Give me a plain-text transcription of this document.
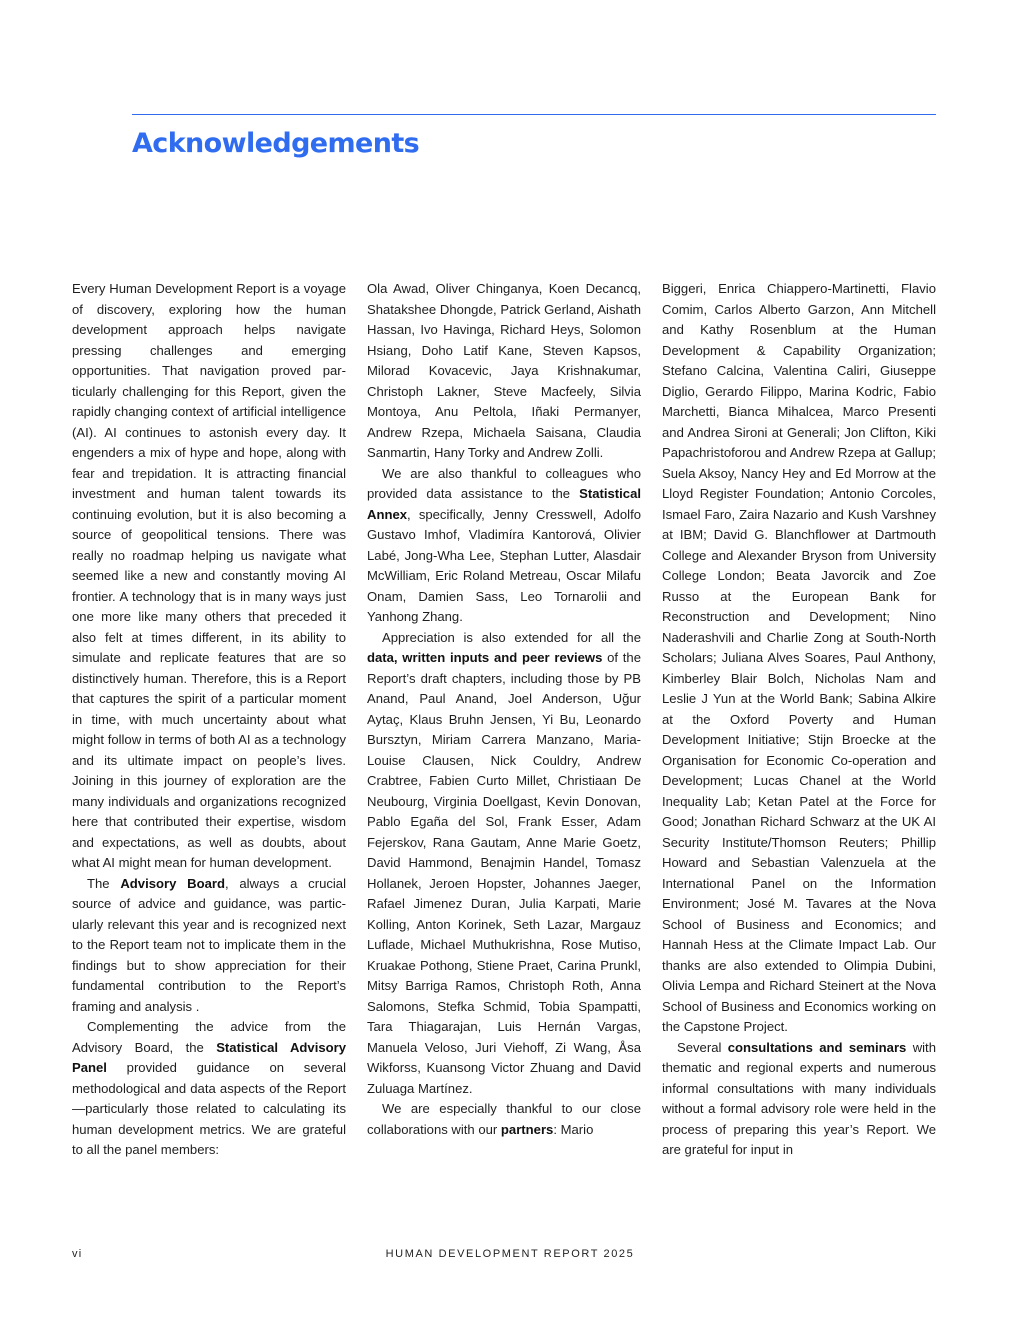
Acknowledgements

Every Human Development Report is a voyage of discovery, exploring how the human development approach helps navigate pressing challenges and emerging opportunities. That navigation proved particularly challenging for this Report, given the rapidly changing context of artificial intelligence (AI). AI continues to astonish every day. It engenders a mix of hype and hope, along with fear and trepidation. It is attracting financial investment and human talent towards its continuing evolution, but it is also becoming a source of geopolitical tensions. There was really no roadmap helping us navigate what seemed like a new and constantly moving AI frontier. A technology that is in many ways just one more like many others that preceded it also felt at times different, in its ability to simulate and replicate features that are so distinctively human. Therefore, this is a Report that captures the spirit of a particular moment in time, with much uncertainty about what might follow in terms of both AI as a technology and its ultimate impact on people’s lives. Joining in this journey of exploration are the many individuals and organizations recognized here that contributed their expertise, wisdom and expectations, as well as doubts, about what AI might mean for human development.

The Advisory Board, always a crucial source of advice and guidance, was particularly relevant this year and is recognized next to the Report team not to implicate them in the findings but to show appreciation for their fundamental contribution to the Report’s framing and analysis .

Complementing the advice from the Advisory Board, the Statistical Advisory Panel provided guidance on several methodological and data aspects of the Report—particularly those related to calculating its human development metrics. We are grateful to all the panel members:

Ola Awad, Oliver Chinganya, Koen Decancq, Shatakshee Dhongde, Patrick Gerland, Aishath Hassan, Ivo Havinga, Richard Heys, Solomon Hsiang, Doho Latif Kane, Steven Kapsos, Milorad Kovacevic, Jaya Krishnakumar, Christoph Lakner, Steve Macfeely, Silvia Montoya, Anu Peltola, Iñaki Permanyer, Andrew Rzepa, Michaela Saisana, Claudia Sanmartin, Hany Torky and Andrew Zolli.

We are also thankful to colleagues who provided data assistance to the Statistical Annex, specifically, Jenny Cresswell, Adolfo Gustavo Imhof, Vladimíra Kantorová, Olivier Labé, Jong-Wha Lee, Stephan Lutter, Alasdair McWilliam, Eric Roland Metreau, Oscar Milafu Onam, Damien Sass, Leo Tornarolii and Yanhong Zhang.

Appreciation is also extended for all the data, written inputs and peer reviews of the Report’s draft chapters, including those by PB Anand, Paul Anand, Joel Anderson, Uğur Aytaç, Klaus Bruhn Jensen, Yi Bu, Leonardo Bursztyn, Miriam Carrera Manzano, Maria-Louise Clausen, Nick Couldry, Andrew Crabtree, Fabien Curto Millet, Christiaan De Neubourg, Virginia Doellgast, Kevin Donovan, Pablo Egaña del Sol, Frank Esser, Adam Fejerskov, Rana Gautam, Anne Marie Goetz, David Hammond, Benajmin Handel, Tomasz Hollanek, Jeroen Hopster, Johannes Jaeger, Rafael Jimenez Duran, Julia Karpati, Marie Kolling, Anton Korinek, Seth Lazar, Margauz Luflade, Michael Muthukrishna, Rose Mutiso, Kruakae Pothong, Stiene Praet, Carina Prunkl, Mitsy Barriga Ramos, Christoph Roth, Anna Salomons, Stefka Schmid, Tobia Spampatti, Tara Thiagarajan, Luis Hernán Vargas, Manuela Veloso, Juri Viehoff, Zi Wang, Åsa Wikforss, Kuansong Victor Zhuang and David Zuluaga Martínez.

We are especially thankful to our close collaborations with our partners: Mario

Biggeri, Enrica Chiappero-Martinetti, Flavio Comim, Carlos Alberto Garzon, Ann Mitchell and Kathy Rosenblum at the Human Development & Capability Organization; Stefano Calcina, Valentina Caliri, Giuseppe Diglio, Gerardo Filippo, Marina Kodric, Fabio Marchetti, Bianca Mihalcea, Marco Presenti and Andrea Sironi at Generali; Jon Clifton, Kiki Papachristoforou and Andrew Rzepa at Gallup; Suela Aksoy, Nancy Hey and Ed Morrow at the Lloyd Register Foundation; Antonio Corcoles, Ismael Faro, Zaira Nazario and Kush Varshney at IBM; David G. Blanchflower at Dartmouth College and Alexander Bryson from University College London; Beata Javorcik and Zoe Russo at the European Bank for Reconstruction and Development; Nino Naderashvili and Charlie Zong at South-North Scholars; Juliana Alves Soares, Paul Anthony, Kimberley Blair Bolch, Nicholas Nam and Leslie J Yun at the World Bank; Sabina Alkire at the Oxford Poverty and Human Development Initiative; Stijn Broecke at the Organisation for Economic Co-operation and Development; Lucas Chanel at the World Inequality Lab; Ketan Patel at the Force for Good; Jonathan Richard Schwarz at the UK AI Security Institute/Thomson Reuters; Phillip Howard and Sebastian Valenzuela at the International Panel on the Information Environment; José M. Tavares at the Nova School of Business and Economics; and Hannah Hess at the Climate Impact Lab. Our thanks are also extended to Olimpia Dubini, Olivia Lempa and Richard Steinert at the Nova School of Business and Economics working on the Capstone Project.

Several consultations and seminars with thematic and regional experts and numerous informal consultations with many individuals without a formal advisory role were held in the process of preparing this year’s Report. We are grateful for input in

vi	HUMAN DEVELOPMENT REPORT 2025
